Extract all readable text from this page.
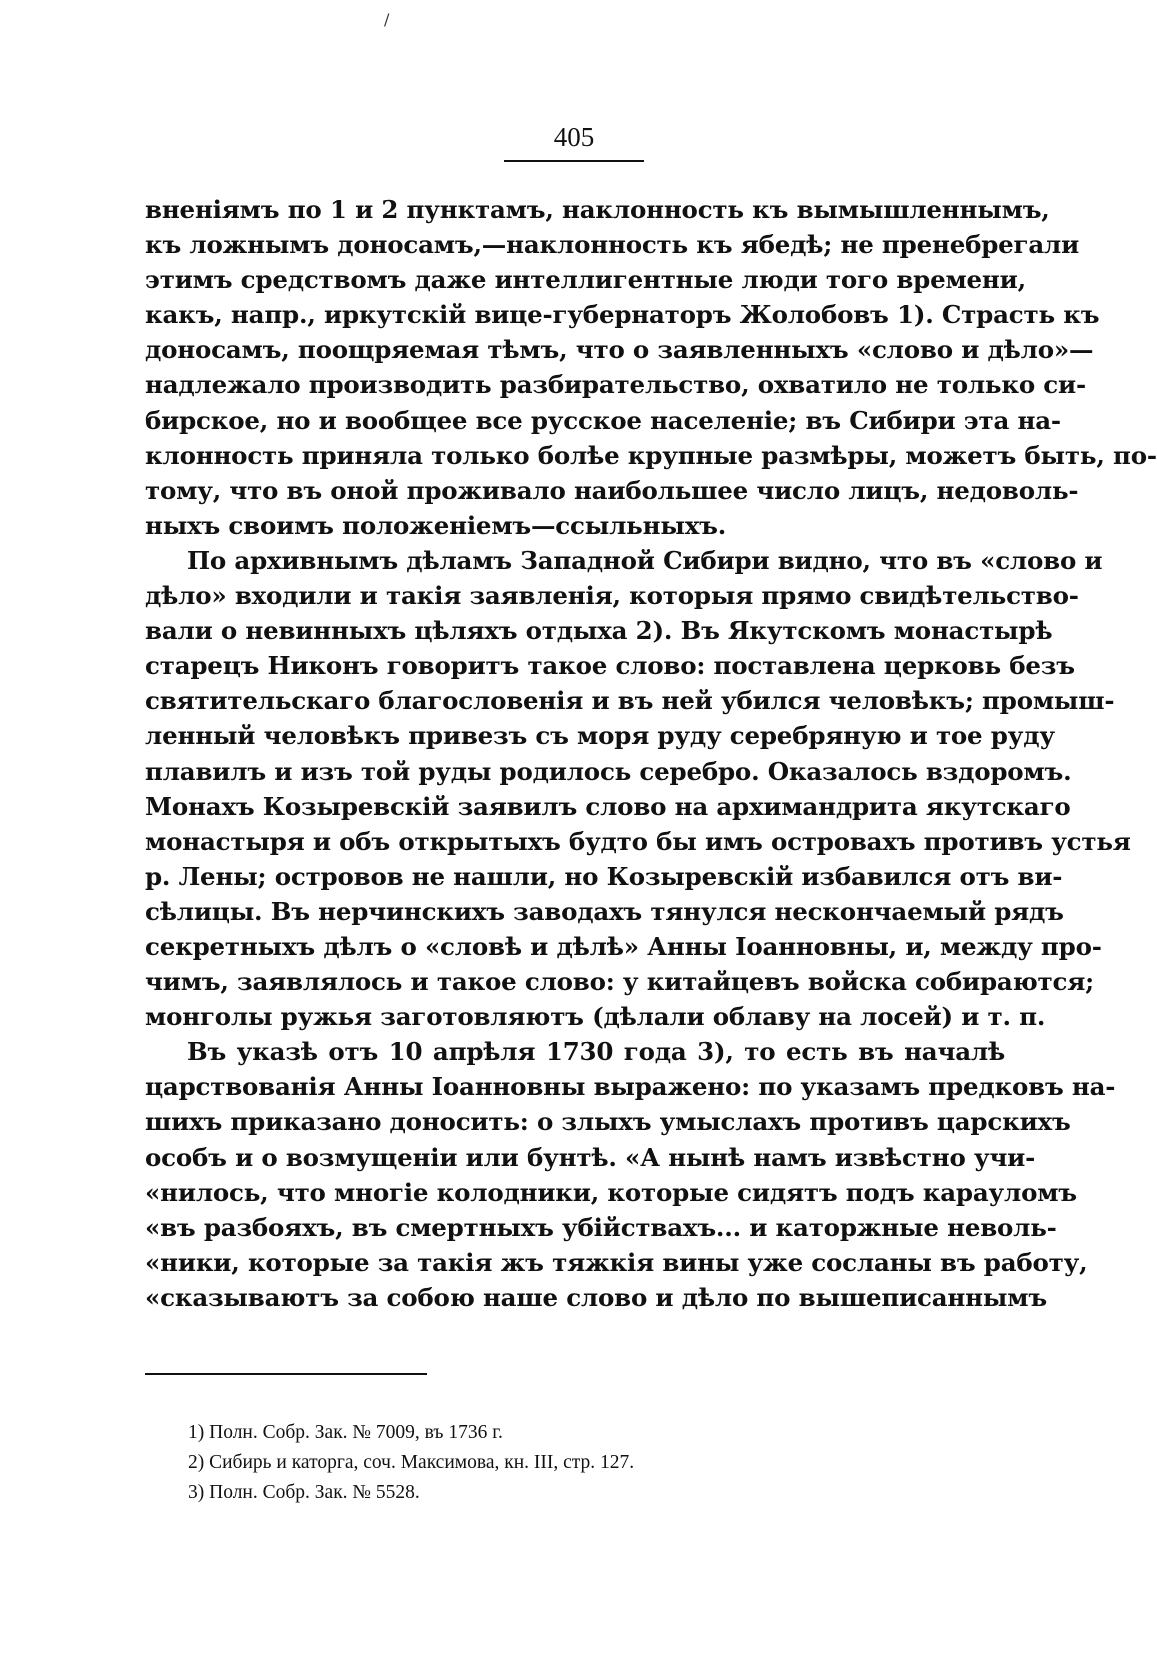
/
405
вненіямъ по 1 и 2 пунктамъ, наклонность къ вымышленнымъ,
къ ложнымъ доносамъ,—наклонность къ ябедѣ; не пренебрегали
этимъ средствомъ даже интеллигентные люди того времени,
какъ, напр., иркутскій вице-губернаторъ Жолобовъ 1). Страсть къ
доносамъ, поощряемая тѣмъ, что о заявленныхъ «слово и дѣло»—
надлежало производить разбирательство, охватило не только си-
бирское, но и вообщее все русское населеніе; въ Сибири эта на-
клонность приняла только болѣе крупные размѣры, можетъ быть, по-
тому, что въ оной проживало наибольшее число лицъ, недоволь-
ныхъ своимъ положеніемъ—ссыльныхъ.
По архивнымъ дѣламъ Западной Сибири видно, что въ «слово и
дѣло» входили и такія заявленія, которыя прямо свидѣтельство-
вали о невинныхъ цѣляхъ отдыха 2). Въ Якутскомъ монастырѣ
старецъ Никонъ говоритъ такое слово: поставлена церковь безъ
святительскаго благословенія и въ ней убился человѣкъ; промыш-
ленный человѣкъ привезъ съ моря руду серебряную и тое руду
плавилъ и изъ той руды родилось серебро. Оказалось вздоромъ.
Монахъ Козыревскій заявилъ слово на архимандрита якутскаго
монастыря и объ открытыхъ будто бы имъ островахъ противъ устья
р. Лены; островов не нашли, но Козыревскій избавился отъ ви-
сѣлицы. Въ нерчинскихъ заводахъ тянулся нескончаемый рядъ
секретныхъ дѣлъ о «словѣ и дѣлѣ» Анны Іоанновны, и, между про-
чимъ, заявлялось и такое слово: у китайцевъ войска собираются;
монголы ружья заготовляютъ (дѣлали облаву на лосей) и т. п.
Въ указѣ отъ 10 апрѣля 1730 года 3), то есть въ началѣ
царствованія Анны Іоанновны выражено: по указамъ предковъ на-
шихъ приказано доносить: о злыхъ умыслахъ противъ царскихъ
особъ и о возмущеніи или бунтѣ. «А нынѣ намъ извѣстно учи-
«нилось, что многіе колодники, которые сидятъ подъ карауломъ
«въ разбояхъ, въ смертныхъ убійствахъ... и каторжные неволь-
«ники, которые за такія жъ тяжкія вины уже сосланы въ работу,
«сказываютъ за собою наше слово и дѣло по вышеписаннымъ
1) Полн. Собр. Зак. № 7009, въ 1736 г.
2) Сибирь и каторга, соч. Максимова, кн. III, стр. 127.
3) Полн. Собр. Зак. № 5528.
